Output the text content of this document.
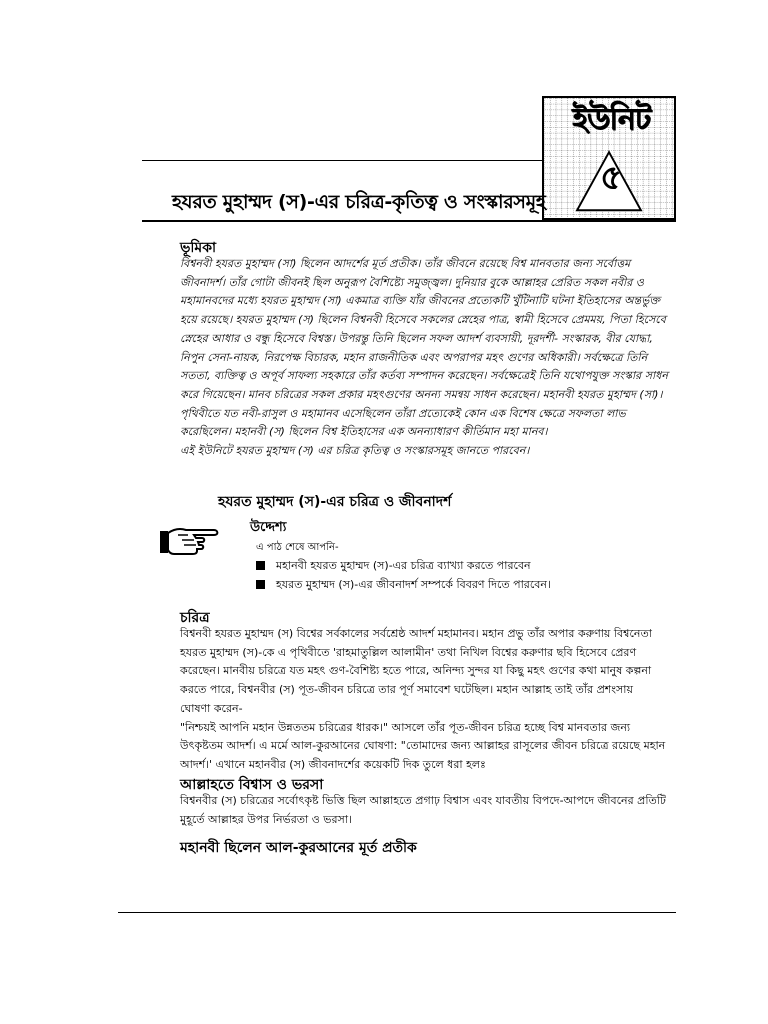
ইউনিট
৫
হযরত মুহাম্মদ (স)-এর চরিত্র-কৃতিত্ব ও সংস্কারসমূহ
ভূমিকা
বিশ্বনবী হযরত মুহাম্মদ (সা) ছিলেন আদর্শের মূর্ত প্রতীক। তাঁর জীবনে রয়েছে বিশ্ব মানবতার জন্য সর্বোত্তম
জীবনাদর্শ। তাঁর গোটা জীবনই ছিল অনুরূপ বৈশিষ্ট্যে সমুজ্জ্বল। দুনিয়ার বুকে আল্লাহর প্রেরিত সকল নবীর ও
মহামানবদের মধ্যে হযরত মুহাম্মদ (সা) একমাত্র ব্যক্তি যাঁর জীবনের প্রত্যেকটি খুঁটিনাটি ঘটনা ইতিহাসের অন্তর্ভুক্ত
হয়ে রয়েছে। হযরত মুহাম্মদ (স) ছিলেন বিশ্বনবী হিসেবে সকলের স্নেহের পাত্র, স্বামী হিসেবে প্রেমময়, পিতা হিসেবে
স্নেহের আধার ও বন্ধু হিসেবে বিশ্বস্ত। উপরন্তু তিনি ছিলেন সফল আদর্শ ব্যবসায়ী, দূরদর্শী- সংস্কারক, বীর যোদ্ধা,
নিপুন সেনা-নায়ক, নিরপেক্ষ বিচারক, মহান রাজনীতিক এবং অপরাপর মহৎ গুণের অধিকারী। সর্বক্ষেত্রে তিনি
সততা, ব্যক্তিত্ব ও অপূর্ব সাফল্য সহকারে তাঁর কর্তব্য সম্পাদন করেছেন। সর্বক্ষেত্রেই তিনি যথোপযুক্ত সংস্কার সাধন
করে গিয়েছেন। মানব চরিত্রের সকল প্রকার মহৎগুণের অনন্য সমন্বয় সাধন করেছেন। মহানবী হযরত মুহাম্মদ (সা)।
পৃথিবীতে যত নবী-রাসুল ও মহামানব এসেছিলেন তাঁরা প্রত্যেকেই কোন এক বিশেষ ক্ষেত্রে সফলতা লাভ
করেছিলেন। মহানবী (স) ছিলেন বিশ্ব ইতিহাসের এক অনন্যাধারণ কীর্তিমান মহা মানব।
এই ইউনিটে হযরত মুহাম্মদ (স) এর চরিত্র কৃতিত্ব ও সংস্কারসমূহ জানতে পারবেন।
হযরত মুহাম্মদ (স)-এর চরিত্র ও জীবনাদর্শ
উদ্দেশ্য
এ পাঠ শেষে আপনি-
মহানবী হযরত মুহাম্মদ (স)-এর চরিত্র ব্যাখ্যা করতে পারবেন
হযরত মুহাম্মদ (স)-এর জীবনাদর্শ সম্পর্কে বিবরণ দিতে পারবেন।
চরিত্র
বিশ্বনবী হযরত মুহাম্মদ (স) বিশ্বের সর্বকালের সর্বশ্রেষ্ঠ আদর্শ মহামানব। মহান প্রভু তাঁর অপার করুণায় বিশ্বনেতা
হযরত মুহাম্মদ (স)-কে এ পৃথিবীতে 'রাহমাতুল্লিল আলামীন' তথা নিখিল বিশ্বের করুণার ছবি হিসেবে প্রেরণ
করেছেন। মানবীয় চরিত্রে যত মহৎ গুণ-বৈশিষ্ট্য হতে পারে, অনিন্দ্য সুন্দর যা কিছু মহৎ গুণের কথা মানুষ কল্পনা
করতে পারে, বিশ্বনবীর (স) পূত-জীবন চরিত্রে তার পূর্ণ সমাবেশ ঘটেছিল। মহান আল্লাহ তাই তাঁর প্রশংসায়
ঘোষণা করেন-
"নিশ্চয়ই আপনি মহান উন্নততম চরিত্রের ধারক।" আসলে তাঁর পূত-জীবন চরিত্র হচ্ছে বিশ্ব মানবতার জন্য
উৎকৃষ্টতম আদর্শ। এ মর্মে আল-কুরআনের ঘোষণা: "তোমাদের জন্য আল্লাহর রাসূলের জীবন চরিত্রে রয়েছে মহান
আদর্শ।' এখানে মহানবীর (স) জীবনাদর্শের কয়েকটি দিক তুলে ধরা হলঃ
আল্লাহতে বিশ্বাস ও ভরসা
বিশ্বনবীর (স) চরিত্রের সর্বোৎকৃষ্ট ভিত্তি ছিল আল্লাহতে প্রগাঢ় বিশ্বাস এবং যাবতীয় বিপদে-আপদে জীবনের প্রতিটি
মুহূর্তে আল্লাহর উপর নির্ভরতা ও ভরসা।
মহানবী ছিলেন আল-কুরআনের মূর্ত প্রতীক
